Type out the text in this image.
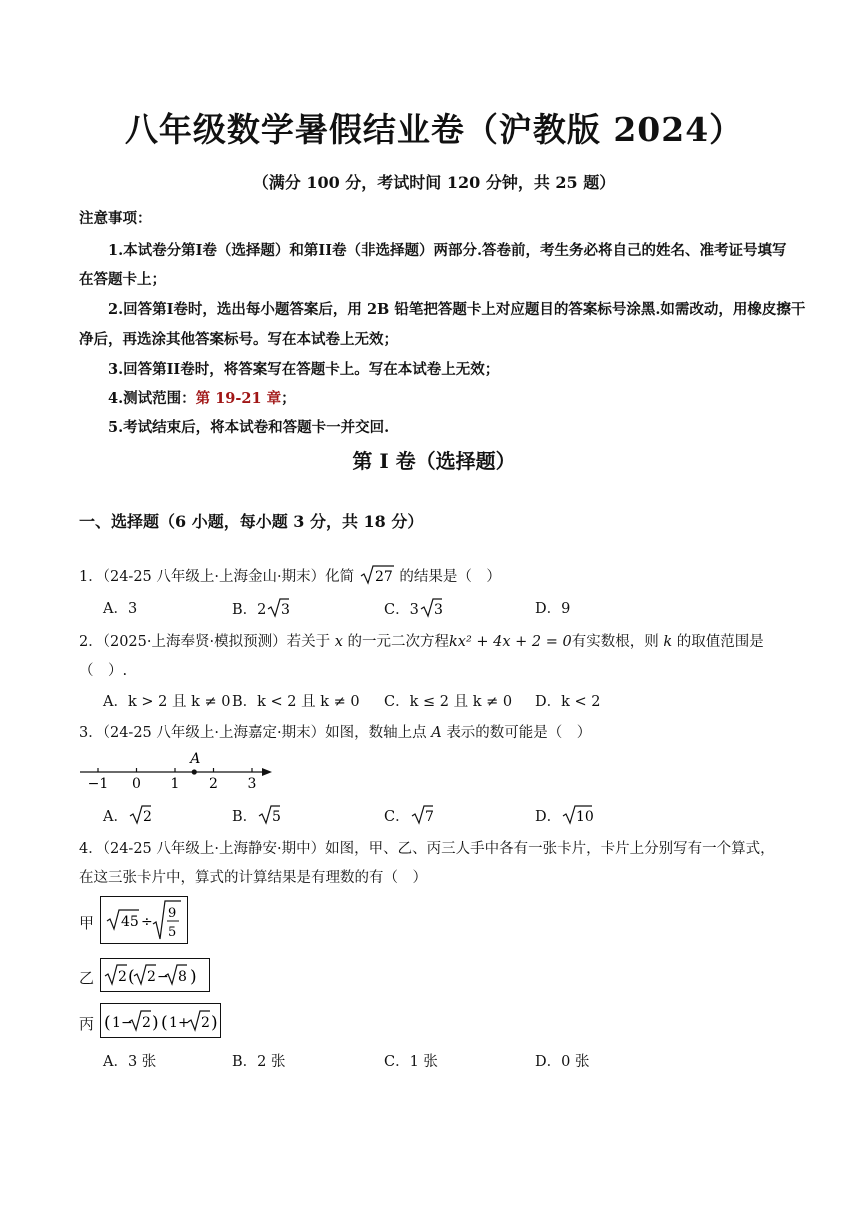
八年级数学暑假结业卷（沪教版 2024）
（满分 100 分，考试时间 120 分钟，共 25 题）
注意事项：
1.本试卷分第I卷（选择题）和第II卷（非选择题）两部分.答卷前，考生务必将自己的姓名、准考证号填写
在答题卡上；
2.回答第I卷时，选出每小题答案后，用 2B 铅笔把答题卡上对应题目的答案标号涂黑.如需改动，用橡皮擦干
净后，再选涂其他答案标号。写在本试卷上无效；
3.回答第II卷时，将答案写在答题卡上。写在本试卷上无效；
4.测试范围：第 19-21 章；
5.考试结束后，将本试卷和答题卡一并交回.
第 I 卷（选择题）
一、选择题（6 小题，每小题 3 分，共 18 分）
1．（24-25 八年级上·上海金山·期末）化简 27 的结果是（　）
A．3	B．2 3	C．3 3	D．9
2．（2025·上海奉贤·模拟预测）若关于 x 的一元二次方程kx² + 4x + 2 = 0有实数根，则 k 的取值范围是
（　）.
A．k > 2 且 k ≠ 0 B．k < 2 且 k ≠ 0 C．k ≤ 2 且 k ≠ 0 D．k < 2
3．（24-25 八年级上·上海嘉定·期末）如图，数轴上点 A 表示的数可能是（　）
−1 0 1 2 3
A
A． 2	B． 5	C． 7	D． 10
4．（24-25 八年级上·上海静安·期中）如图，甲、乙、丙三人手中各有一张卡片，卡片上分别写有一个算式，
在这三张卡片中，算式的计算结果是有理数的有（　）
甲 45 ÷
9
5
乙 2 ( 2 − 8 )
丙 ( 1 − 2 ) ( 1 + 2 )
A．3 张	B．2 张	C．1 张	D．0 张
